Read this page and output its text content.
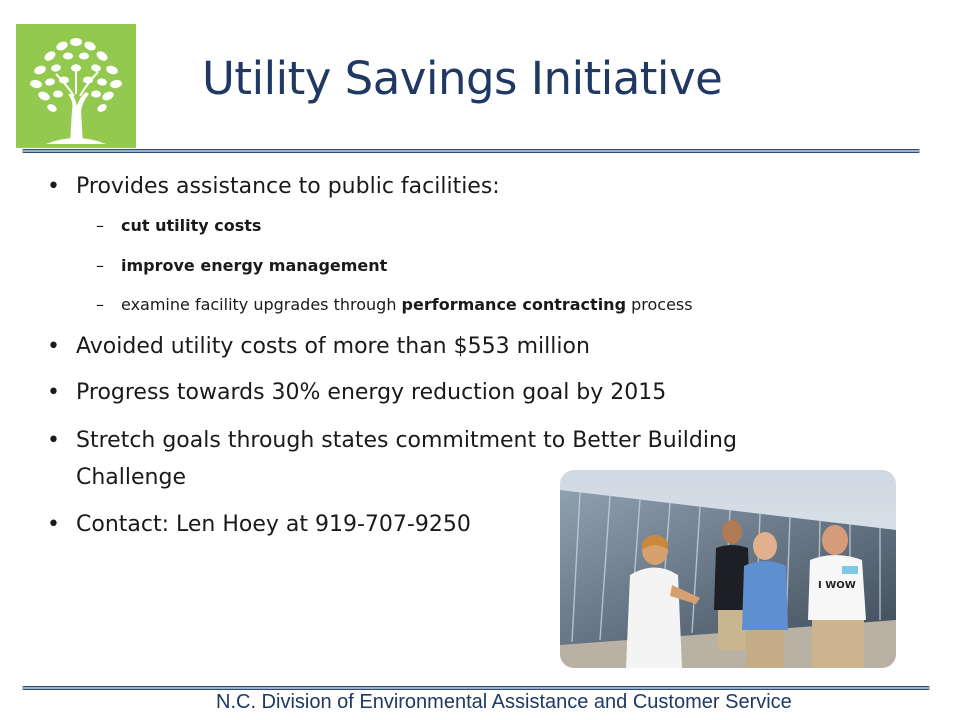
Utility Savings Initiative
• Provides assistance to public facilities:
– cut utility costs
– improve energy management
– examine facility upgrades through performance contracting process
• Avoided utility costs of more than $553 million
• Progress towards 30% energy reduction goal by 2015
• Stretch goals through states commitment to Better Building
Challenge
• Contact: Len Hoey at 919-707-9250
I WOW
N.C. Division of Environmental Assistance and Customer Service
